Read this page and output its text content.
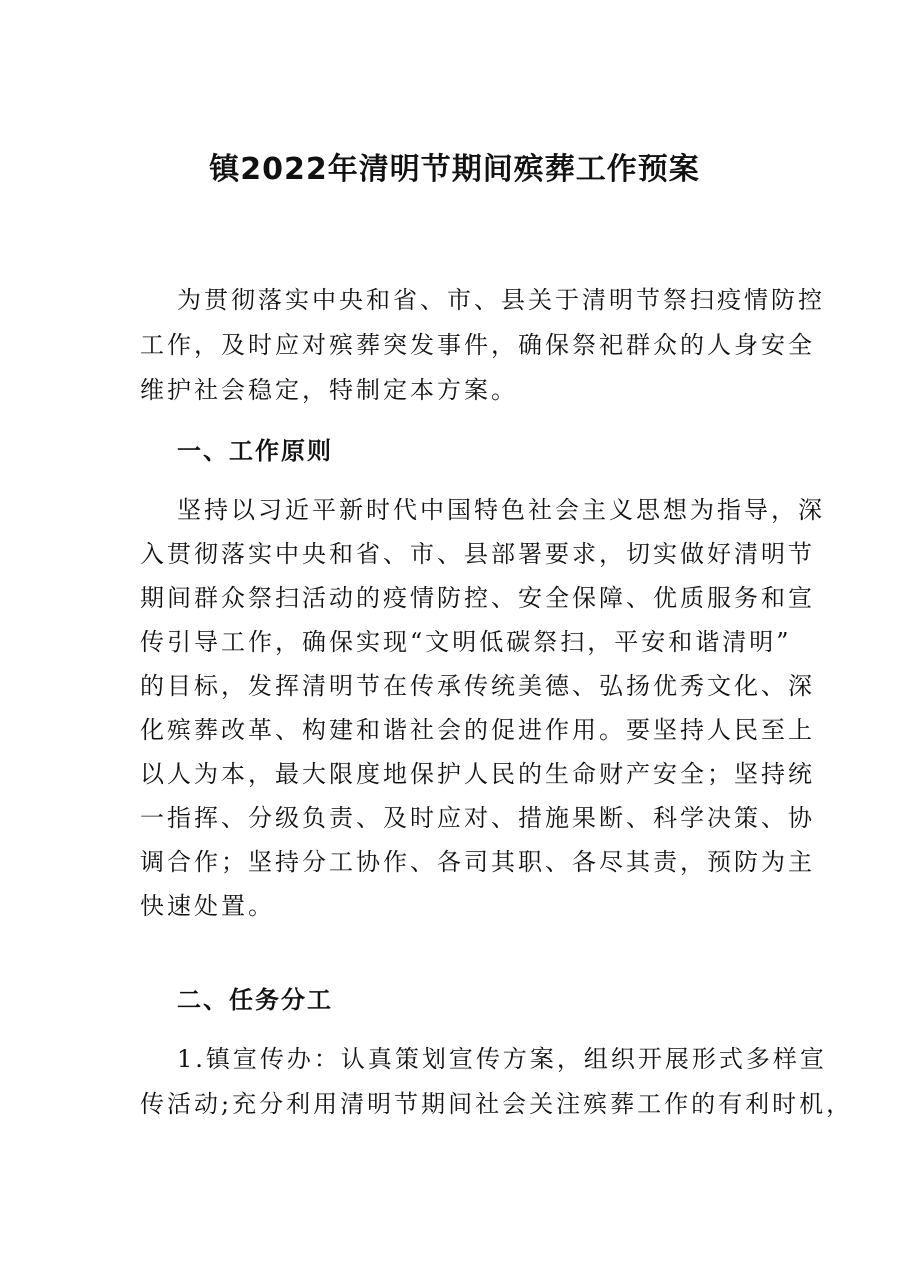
镇2022年清明节期间殡葬工作预案
为贯彻落实中央和省、市、县关于清明节祭扫疫情防控
工作，及时应对殡葬突发事件，确保祭祀群众的人身安全
维护社会稳定，特制定本方案。
一、工作原则
坚持以习近平新时代中国特色社会主义思想为指导，深
入贯彻落实中央和省、市、县部署要求，切实做好清明节
期间群众祭扫活动的疫情防控、安全保障、优质服务和宣
传引导工作，确保实现“文明低碳祭扫，平安和谐清明”
的目标，发挥清明节在传承传统美德、弘扬优秀文化、深
化殡葬改革、构建和谐社会的促进作用。要坚持人民至上
以人为本，最大限度地保护人民的生命财产安全；坚持统
一指挥、分级负责、及时应对、措施果断、科学决策、协
调合作；坚持分工协作、各司其职、各尽其责，预防为主
快速处置。
二、任务分工
1.镇宣传办：认真策划宣传方案，组织开展形式多样宣
传活动;充分利用清明节期间社会关注殡葬工作的有利时机，
